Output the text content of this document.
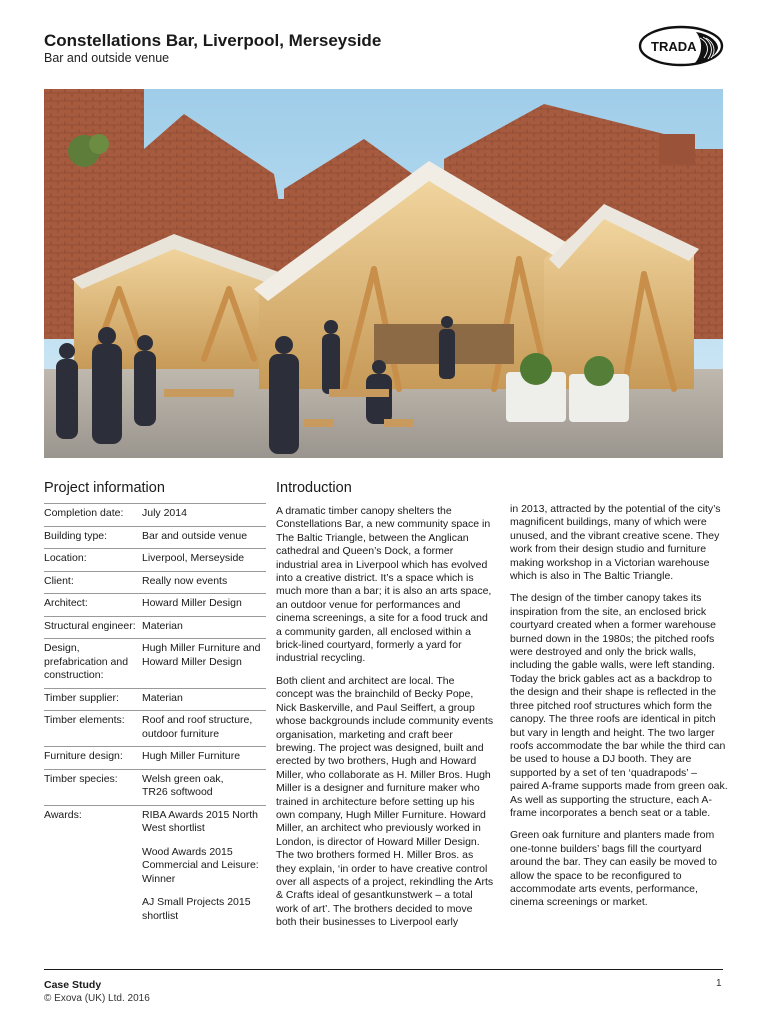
Constellations Bar, Liverpool, Merseyside
Bar and outside venue
TRADA
Project information	Introduction
Completion date:	July 2014

Building type:	Bar and outside venue

Location:	Liverpool, Merseyside

Client:	Really now events

Architect:	Howard Miller Design

Structural engineer:	Materian

Design, prefabrication and construction:	Hugh Miller Furniture and Howard Miller Design

Timber supplier:	Materian

Timber elements:	Roof and roof structure, outdoor furniture

Furniture design:	Hugh Miller Furniture

Timber species:	Welsh green oak,
TR26 softwood

Awards:	RIBA Awards 2015 North West shortlist
Wood Awards 2015 Commercial and Leisure: Winner
AJ Small Projects 2015 shortlist

A dramatic timber canopy shelters the Constellations Bar, a new community space in The Baltic Triangle, between the Anglican cathedral and Queen’s Dock, a former industrial area in Liverpool which has evolved into a creative district. It’s a space which is much more than a bar; it is also an arts space, an outdoor venue for performances and cinema screenings, a site for a food truck and a community garden, all enclosed within a brick-lined courtyard, formerly a yard for industrial recycling.

Both client and architect are local. The concept was the brainchild of Becky Pope, Nick Baskerville, and Paul Seiffert, a group whose backgrounds include community events organisation, marketing and craft beer brewing. The project was designed, built and erected by two brothers, Hugh and Howard Miller, who collaborate as H. Miller Bros. Hugh Miller is a designer and furniture maker who trained in architecture before setting up his own company, Hugh Miller Furniture. Howard Miller, an architect who previously worked in London, is director of Howard Miller Design. The two brothers formed H. Miller Bros. as they explain, ‘in order to have creative control over all aspects of a project, rekindling the Arts & Crafts ideal of gesantkunstwerk – a total work of art’. The brothers decided to move both their businesses to Liverpool early

in 2013, attracted by the potential of the city’s magnificent buildings, many of which were unused, and the vibrant creative scene. They work from their design studio and furniture making workshop in a Victorian warehouse which is also in The Baltic Triangle.

The design of the timber canopy takes its inspiration from the site, an enclosed brick courtyard created when a former warehouse burned down in the 1980s; the pitched roofs were destroyed and only the brick walls, including the gable walls, were left standing. Today the brick gables act as a backdrop to the design and their shape is reflected in the three pitched roof structures which form the canopy. The three roofs are identical in pitch but vary in length and height. The two larger roofs accommodate the bar while the third can be used to house a DJ booth. They are supported by a set of ten ‘quadrapods’ – paired A-frame supports made from green oak. As well as supporting the structure, each A-frame incorporates a bench seat or a table.

Green oak furniture and planters made from one-tonne builders’ bags fill the courtyard around the bar. They can easily be moved to allow the space to be reconfigured to accommodate arts events, performance, cinema screenings or market.

Case Study
© Exova (UK) Ltd. 2016
1
